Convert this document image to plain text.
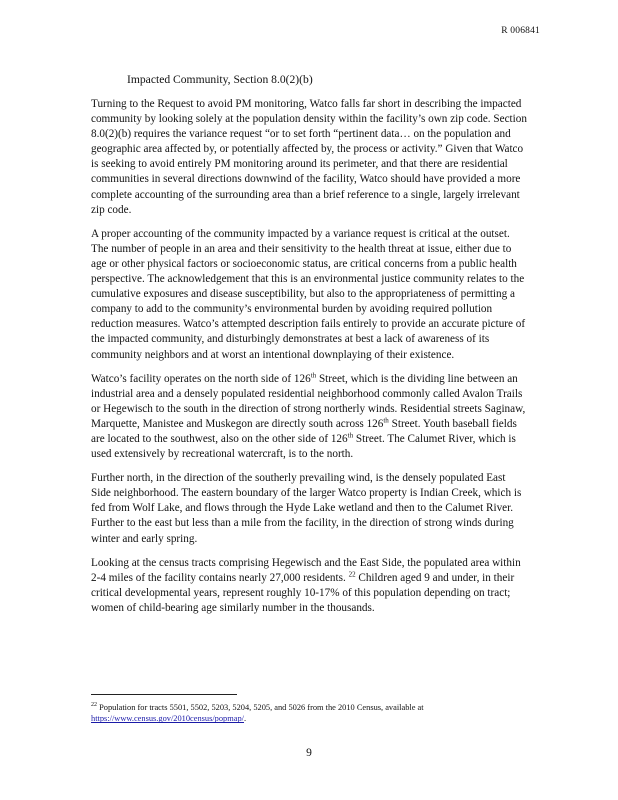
R 006841
Impacted Community, Section 8.0(2)(b)

Turning to the Request to avoid PM monitoring, Watco falls far short in describing the impacted community by looking solely at the population density within the facility’s own zip code. Section 8.0(2)(b) requires the variance request “or to set forth “pertinent data… on the population and geographic area affected by, or potentially affected by, the process or activity.” Given that Watco is seeking to avoid entirely PM monitoring around its perimeter, and that there are residential communities in several directions downwind of the facility, Watco should have provided a more complete accounting of the surrounding area than a brief reference to a single, largely irrelevant zip code.

A proper accounting of the community impacted by a variance request is critical at the outset. The number of people in an area and their sensitivity to the health threat at issue, either due to age or other physical factors or socioeconomic status, are critical concerns from a public health perspective. The acknowledgement that this is an environmental justice community relates to the cumulative exposures and disease susceptibility, but also to the appropriateness of permitting a company to add to the community’s environmental burden by avoiding required pollution reduction measures. Watco’s attempted description fails entirely to provide an accurate picture of the impacted community, and disturbingly demonstrates at best a lack of awareness of its community neighbors and at worst an intentional downplaying of their existence.

Watco’s facility operates on the north side of 126th Street, which is the dividing line between an industrial area and a densely populated residential neighborhood commonly called Avalon Trails or Hegewisch to the south in the direction of strong northerly winds. Residential streets Saginaw, Marquette, Manistee and Muskegon are directly south across 126th Street. Youth baseball fields are located to the southwest, also on the other side of 126th Street. The Calumet River, which is used extensively by recreational watercraft, is to the north.

Further north, in the direction of the southerly prevailing wind, is the densely populated East Side neighborhood. The eastern boundary of the larger Watco property is Indian Creek, which is fed from Wolf Lake, and flows through the Hyde Lake wetland and then to the Calumet River. Further to the east but less than a mile from the facility, in the direction of strong winds during winter and early spring.

Looking at the census tracts comprising Hegewisch and the East Side, the populated area within 2-4 miles of the facility contains nearly 27,000 residents. $^{22}$ Children aged 9 and under, in their critical developmental years, represent roughly 10-17% of this population depending on tract; women of child-bearing age similarly number in the thousands.

$^{22}$ Population for tracts 5501, 5502, 5203, 5204, 5205, and 5026 from the 2010 Census, available at
https://www.census.gov/2010census/popmap/.
9
